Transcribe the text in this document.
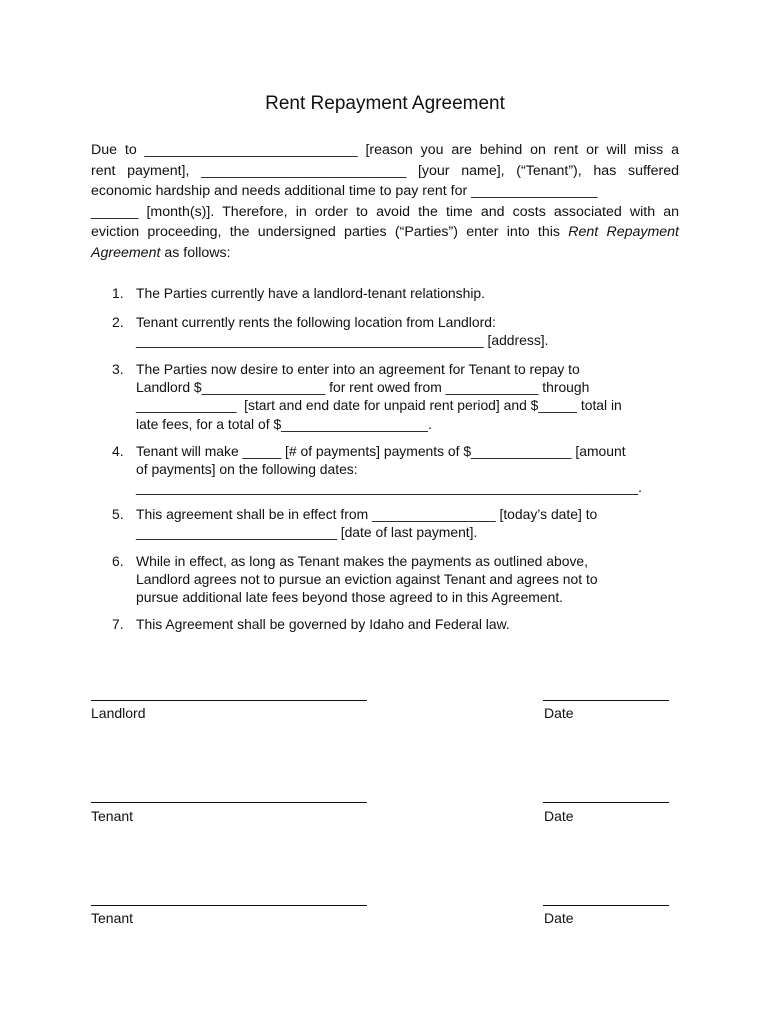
Rent Repayment Agreement
Due to ___________________________ [reason you are behind on rent or will miss a
rent payment], __________________________ [your name], (“Tenant”), has suffered
economic hardship and needs additional time to pay rent for ________________
______ [month(s)]. Therefore, in order to avoid the time and costs associated with an
eviction proceeding, the undersigned parties (“Parties”) enter into this Rent Repayment
Agreement as follows:
1. The Parties currently have a landlord-tenant relationship.
2. Tenant currently rents the following location from Landlord:
_____________________________________________ [address].
3. The Parties now desire to enter into an agreement for Tenant to repay to
Landlord $________________ for rent owed from ____________ through
_____________  [start and end date for unpaid rent period] and $_____ total in
late fees, for a total of $___________________.
4. Tenant will make _____ [# of payments] payments of $_____________ [amount
of payments] on the following dates:
_________________________________________________________________.
5. This agreement shall be in effect from ________________ [today’s date] to
__________________________ [date of last payment].
6. While in effect, as long as Tenant makes the payments as outlined above,
Landlord agrees not to pursue an eviction against Tenant and agrees not to
pursue additional late fees beyond those agreed to in this Agreement.
7. This Agreement shall be governed by Idaho and Federal law.
Landlord	Date
Tenant	Date
Tenant	Date
